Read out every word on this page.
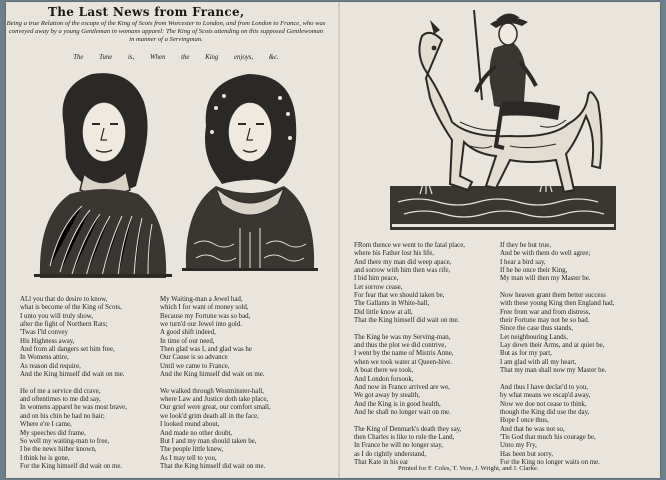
The Last News from France,
Being a true Relation of the escape of the King of Scots from Worcester to London, and from London to France, who was conveyed away by a young Gentleman in womans apparel: The King of Scots attending on this supposed Gentlewoman in manner of a Servingman.
The Tune is, When the King enjoys, &c.
ALl you that do desire to know,
what is become of the King of Scots,
I unto you will truly show,
after the fight of Northern Rats;
'Twas I'ld convey
His Highness away,
And from all dangers set him free,
In Womens attire,
As reason did require,
And the King himself did wait on me.
He of me a service did crave,
and oftentimes to me did say,
In womens apparel he was most brave,
and on his chin he had no hair;
Where e're I came,
My speeches did frame,
So well my waiting-man to free,
I be the news hither known,
I think he is gone,
For the King himself did wait on me.
My Waiting-man a Jewel had,
which I for want of money sold,
Because my Fortune was so bad,
we turn'd our Jewel into gold.
A good shift indeed,
In time of our need,
Then glad was I, and glad was he
Our Cause is so advance
Until we came to France,
And the King himself did wait on me.
We walked through Westminster-hall,
where Law and Justice doth take place,
Our grief were great, our comfort small,
we look'd grim death all in the face,
I looked round about,
And made no other doubt,
But I and my man should taken be,
The people little knew,
As I may tell to you,
That the King himself did wait on me.
FRom thence we went to the fatal place,
where his Father lost his life,
And there my man did weep apace,
and sorrow with him then was rife,
I bid him peace,
Let sorrow cease,
For fear that we should taken be,
The Gallants in White-hall,
Did little know at all,
That the King himself did wait on me.
The King he was my Serving-man,
and thus the plot we did contrive,
I went by the name of Mistris Anne,
when we took water at Queen-hive.
A boat there we took,
And London forsook,
And now in France arrived are we,
We got away by stealth,
And the King is in good health,
And he shall no longer wait on me.
The King of Denmark's death they say,
then Charles is like to rule the Land,
In France he will no longer stay,
as I do rightly understand,
That Kate in his ear
If they be but true,
And be with them do well agree;
I hear a bird say,
If he be once their King,
My man will then my Master be.
Now heaven grant them better success
with these young King then England had,
Free from war and from distress,
their Fortune may not be so bad.
Since the case thus stands,
Let neighbouring Lands,
Lay down their Arms, and at quiet be,
But as for my part,
I am glad with all my heart,
That my man shall now my Master be.
And thus I have declar'd to you,
by what means we escap'd away,
Now we doe not cease to think,
though the King did use the day,
Hope I once thus,
And that he was not so,
'Tis God that much his courage be,
Unto my Fry,
Has been but sorry,
For the King no longer waits on me.
Printed for F. Coles, T. Vere, J. Wright, and J. Clarke.
